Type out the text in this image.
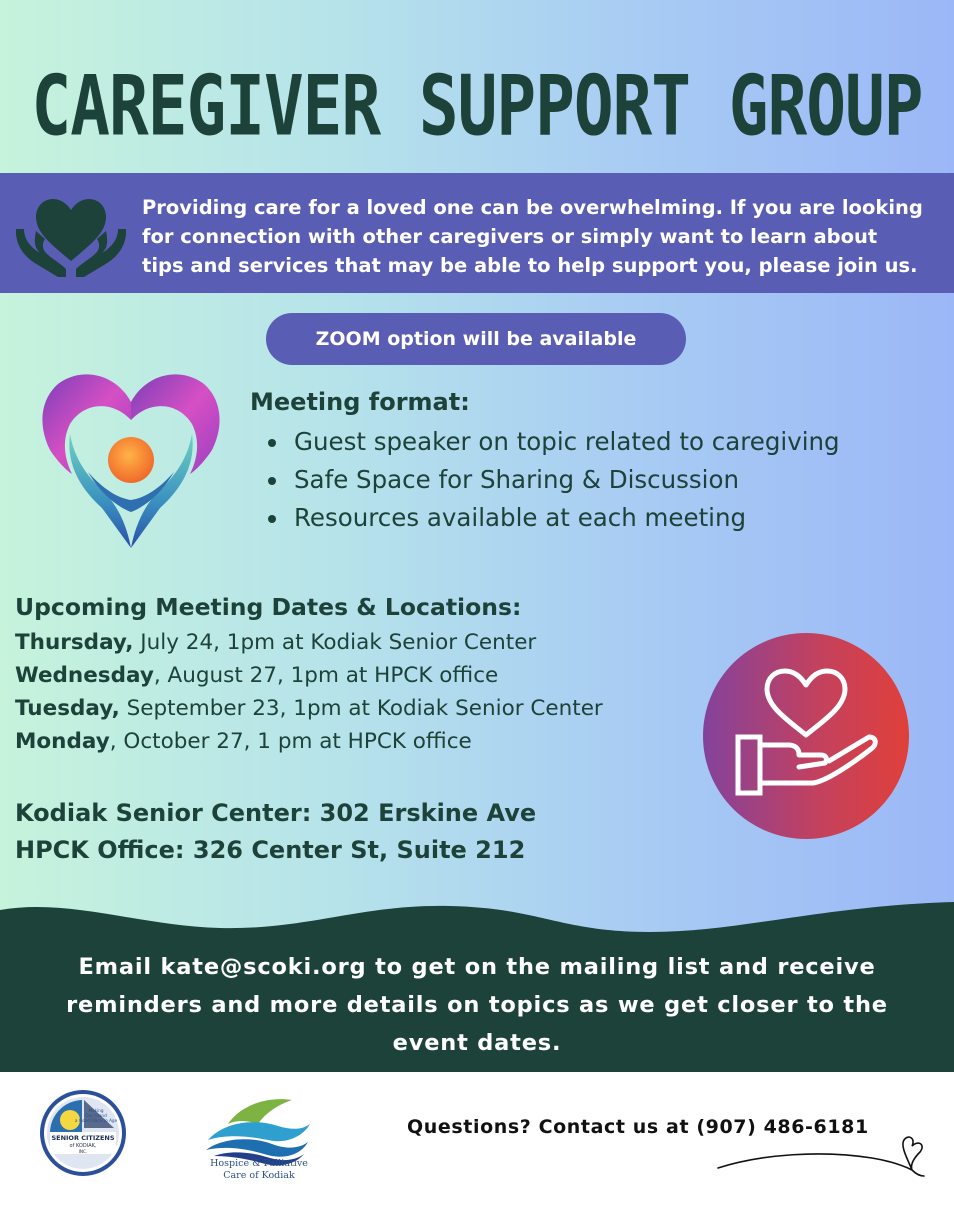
CAREGIVER SUPPORT GROUP
Providing care for a loved one can be overwhelming. If you are looking
for connection with other caregivers or simply want to learn about
tips and services that may be able to help support you, please join us.
ZOOM option will be available
Meeting format:
Guest speaker on topic related to caregiving
Safe Space for Sharing & Discussion
Resources available at each meeting
Upcoming Meeting Dates & Locations:
Thursday, July 24, 1pm at Kodiak Senior Center
Wednesday, August 27, 1pm at HPCK office
Tuesday, September 23, 1pm at Kodiak Senior Center
Monday, October 27, 1 pm at HPCK office
Kodiak Senior Center: 302 Erskine Ave
HPCK Office: 326 Center St, Suite 212
Email kate@scoki.org to get on the mailing list and receive
reminders and more details on topics as we get closer to the
event dates.
Making
Our Island
a Good Place to Age
SENIOR CITIZENS
of KODIAK,
INC.
Hospice & Palliative
Care of Kodiak
Questions? Contact us at (907) 486-6181
